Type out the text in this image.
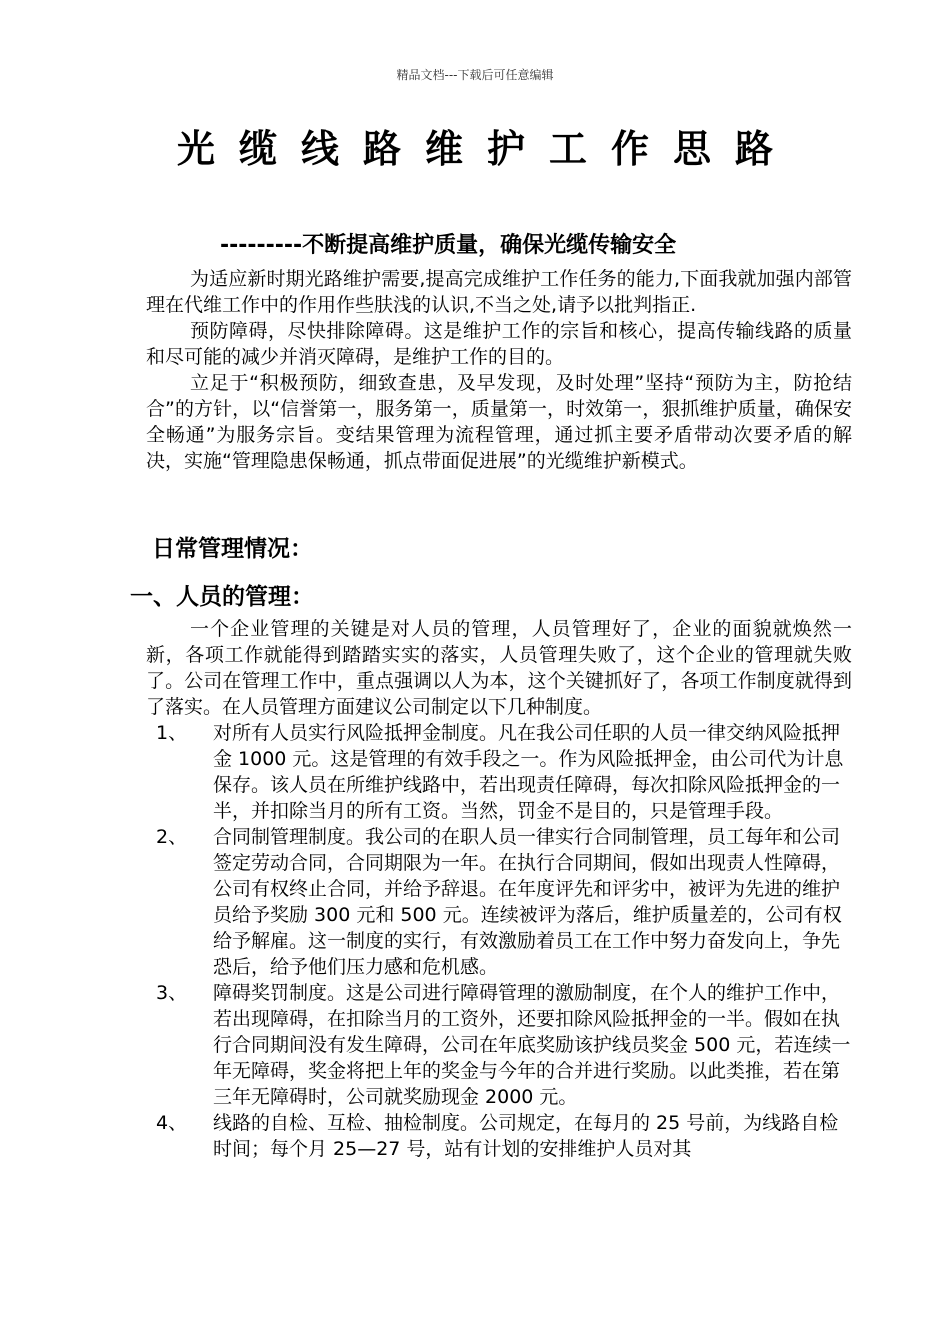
精品文档---下载后可任意编辑
光缆线路维护工作思路
---------不断提高维护质量，确保光缆传输安全

为适应新时期光路维护需要,提高完成维护工作任务的能力,下面我就加强内部管理在代维工作中的作用作些肤浅的认识,不当之处,请予以批判指正.

预防障碍，尽快排除障碍。这是维护工作的宗旨和核心，提高传输线路的质量和尽可能的减少并消灭障碍，是维护工作的目的。

立足于“积极预防，细致查患，及早发现，及时处理”坚持“预防为主，防抢结合”的方针，以“信誉第一，服务第一，质量第一，时效第一，狠抓维护质量，确保安全畅通”为服务宗旨。变结果管理为流程管理，通过抓主要矛盾带动次要矛盾的解决，实施“管理隐患保畅通，抓点带面促进展”的光缆维护新模式。

日常管理情况：
一、人员的管理：

一个企业管理的关键是对人员的管理，人员管理好了，企业的面貌就焕然一新，各项工作就能得到踏踏实实的落实，人员管理失败了，这个企业的管理就失败了。公司在管理工作中，重点强调以人为本，这个关键抓好了，各项工作制度就得到了落实。在人员管理方面建议公司制定以下几种制度。

1、 对所有人员实行风险抵押金制度。凡在我公司任职的人员一律交纳风险抵押金 1000 元。这是管理的有效手段之一。作为风险抵押金，由公司代为计息保存。该人员在所维护线路中，若出现责任障碍，每次扣除风险抵押金的一半，并扣除当月的所有工资。当然，罚金不是目的，只是管理手段。
2、 合同制管理制度。我公司的在职人员一律实行合同制管理，员工每年和公司签定劳动合同，合同期限为一年。在执行合同期间，假如出现责人性障碍，公司有权终止合同，并给予辞退。在年度评先和评劣中，被评为先进的维护员给予奖励 300 元和 500 元。连续被评为落后，维护质量差的，公司有权给予解雇。这一制度的实行，有效激励着员工在工作中努力奋发向上，争先恐后，给予他们压力感和危机感。
3、 障碍奖罚制度。这是公司进行障碍管理的激励制度，在个人的维护工作中，若出现障碍，在扣除当月的工资外，还要扣除风险抵押金的一半。假如在执行合同期间没有发生障碍，公司在年底奖励该护线员奖金 500 元，若连续一年无障碍，奖金将把上年的奖金与今年的合并进行奖励。以此类推，若在第三年无障碍时，公司就奖励现金 2000 元。
4、 线路的自检、互检、抽检制度。公司规定，在每月的 25 号前，为线路自检时间；每个月 25—27 号，站有计划的安排维护人员对其
